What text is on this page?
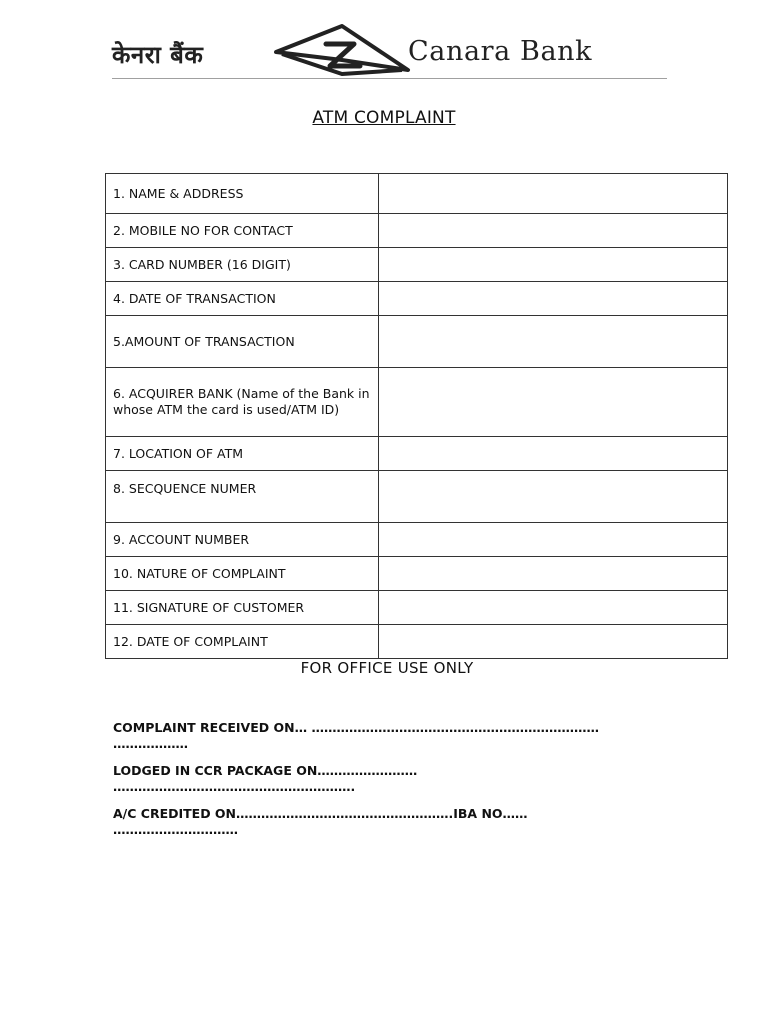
केनरा बैंक	Canara Bank
ATM COMPLAINT
1. NAME & ADDRESS	
2. MOBILE NO FOR CONTACT	
3. CARD NUMBER (16 DIGIT)	
4. DATE OF TRANSACTION	
5.AMOUNT OF TRANSACTION	
6. ACQUIRER BANK (Name of the Bank in whose ATM the card is used/ATM ID)	
7. LOCATION OF ATM	
8. SECQUENCE NUMER	
9. ACCOUNT NUMBER	
10. NATURE OF COMPLAINT	
11. SIGNATURE OF CUSTOMER	
12. DATE OF COMPLAINT	
FOR OFFICE USE ONLY
COMPLAINT RECEIVED ON… ……………………………………………………………
………………
LODGED IN CCR PACKAGE ON……………………
………………………………………………….
A/C CREDITED ON…………………………………………….IBA NO……
…………………………
